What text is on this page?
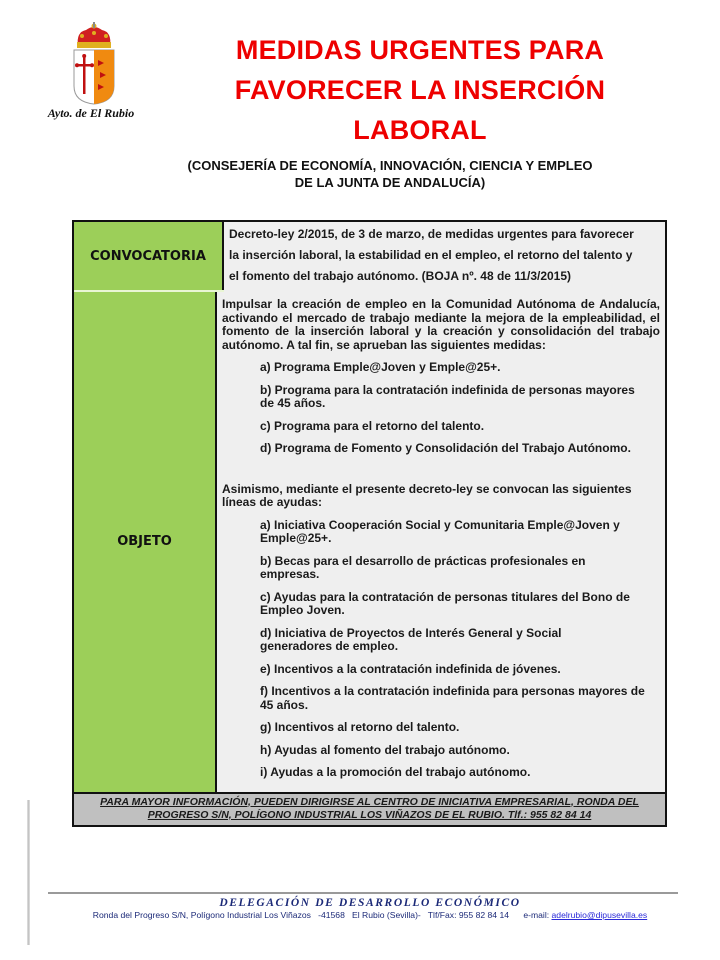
Ayto. de El Rubio
MEDIDAS URGENTES PARA
FAVORECER LA INSERCIÓN
LABORAL
(CONSEJERÍA DE ECONOMÍA, INNOVACIÓN, CIENCIA Y EMPLEO
DE LA JUNTA DE ANDALUCÍA)
CONVOCATORIA
Decreto-ley 2/2015, de 3 de marzo, de medidas urgentes para favorecer
la inserción laboral, la estabilidad en el empleo, el retorno del talento y
el fomento del trabajo autónomo. (BOJA nº. 48 de 11/3/2015)
OBJETO
Impulsar la creación de empleo en la Comunidad Autónoma de Andalucía, activando el mercado de trabajo mediante la mejora de la empleabilidad, el fomento de la inserción laboral y la creación y consolidación del trabajo autónomo. A tal fin, se aprueban las siguientes medidas:
a) Programa Emple@Joven y Emple@25+.
b) Programa para la contratación indefinida de personas mayores de 45 años.
c) Programa para el retorno del talento.
d) Programa de Fomento y Consolidación del Trabajo Autónomo.
Asimismo, mediante el presente decreto-ley se convocan las siguientes líneas de ayudas:
a) Iniciativa Cooperación Social y Comunitaria Emple@Joven y Emple@25+.
b) Becas para el desarrollo de prácticas profesionales en empresas.
c) Ayudas para la contratación de personas titulares del Bono de Empleo Joven.
d) Iniciativa de Proyectos de Interés General y Social generadores de empleo.
e) Incentivos a la contratación indefinida de jóvenes.
f) Incentivos a la contratación indefinida para personas mayores de 45 años.
g) Incentivos al retorno del talento.
h) Ayudas al fomento del trabajo autónomo.
i) Ayudas a la promoción del trabajo autónomo.
PARA MAYOR INFORMACIÓN, PUEDEN DIRIGIRSE AL CENTRO DE INICIATIVA EMPRESARIAL, RONDA DEL
PROGRESO S/N, POLÍGONO INDUSTRIAL LOS VIÑAZOS DE EL RUBIO. Tlf.: 955 82 84 14
DELEGACIÓN DE DESARROLLO ECONÓMICO
Ronda del Progreso S/N, Polígono Industrial Los Viñazos   -41568   El Rubio (Sevilla)-   Tlf/Fax: 955 82 84 14      e-mail: adelrubio@dipusevilla.es
